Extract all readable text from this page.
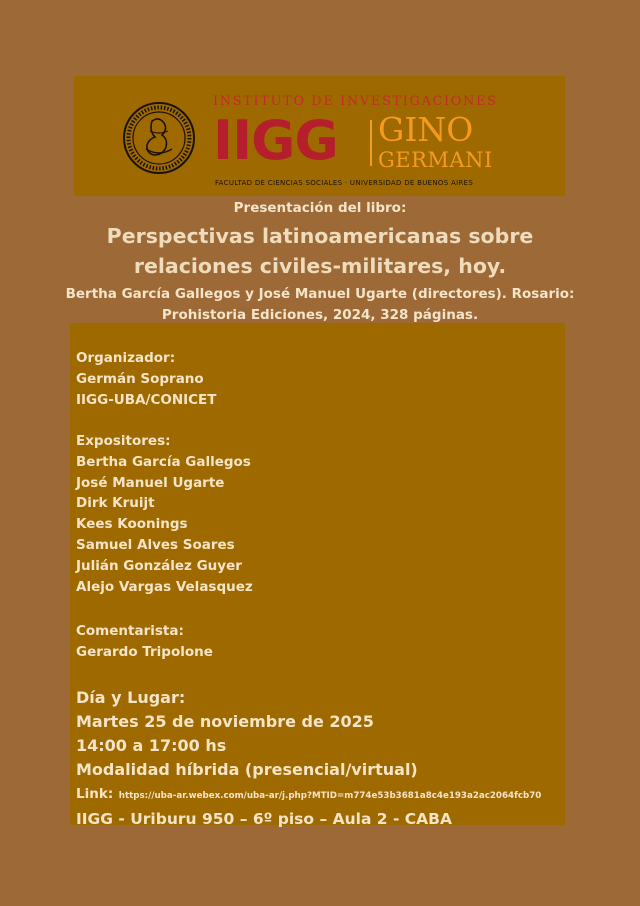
INSTITUTO DE INVESTIGACIONES
IIGG GINO
GERMANI
FACULTAD DE CIENCIAS SOCIALES · UNIVERSIDAD DE BUENOS AIRES
Presentación del libro:
Perspectivas latinoamericanas sobre
relaciones civiles-militares, hoy.
Bertha García Gallegos y José Manuel Ugarte (directores). Rosario:
Prohistoria Ediciones, 2024, 328 páginas.
Organizador:
Germán Soprano
IIGG-UBA/CONICET
Expositores:
Bertha García Gallegos
José Manuel Ugarte
Dirk Kruijt
Kees Koonings
Samuel Alves Soares
Julián González Guyer
Alejo Vargas Velasquez
Comentarista:
Gerardo Tripolone
Día y Lugar:
Martes 25 de noviembre de 2025
14:00 a 17:00 hs
Modalidad híbrida (presencial/virtual)
Link: https://uba-ar.webex.com/uba-ar/j.php?MTID=m774e53b3681a8c4e193a2ac2064fcb70
IIGG - Uriburu 950 – 6º piso – Aula 2 - CABA
